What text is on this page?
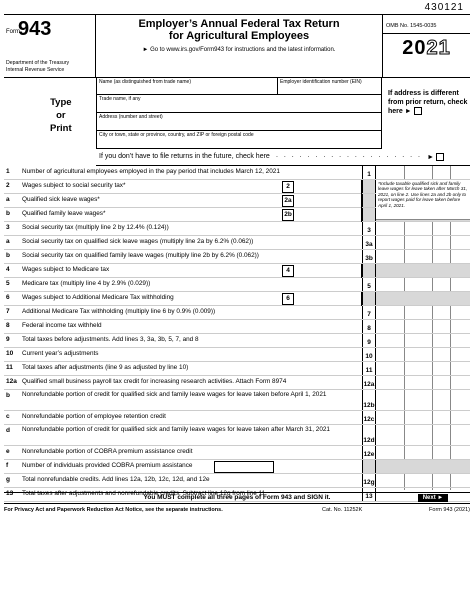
430121
Form
943
Department of the Treasury
Internal Revenue Service
Employer’s Annual Federal Tax Return
for Agricultural Employees
► Go to www.irs.gov/Form943 for instructions and the latest information.
OMB No. 1545-0035
2021
Type
or
Print
Name (as distinguished from trade name)	Employer identification number (EIN)
Trade name, if any
Address (number and street)
City or town, state or province, country, and ZIP or foreign postal code
If address is different from prior return, check here ►
If you don’t have to file returns in the future, check here . . . . . . . . . . . . . . . . . . . ►
1 Number of agricultural employees employed in the pay period that includes March 12, 2021	1
2 Wages subject to social security tax*	2
a Qualified sick leave wages*	2a
b Qualified family leave wages*	2b
3 Social security tax (multiply line 2 by 12.4% (0.124))	3
a Social security tax on qualified sick leave wages (multiply line 2a by 6.2% (0.062))	3a
b Social security tax on qualified family leave wages (multiply line 2b by 6.2% (0.062))	3b
4 Wages subject to Medicare tax	4
5 Medicare tax (multiply line 4 by 2.9% (0.029))	5
6 Wages subject to Additional Medicare Tax withholding	6
7 Additional Medicare Tax withholding (multiply line 6 by 0.9% (0.009))	7
8 Federal income tax withheld	8
9 Total taxes before adjustments. Add lines 3, 3a, 3b, 5, 7, and 8	9
10 Current year’s adjustments	10
11 Total taxes after adjustments (line 9 as adjusted by line 10)	11
12a Qualified small business payroll tax credit for increasing research activities. Attach Form 8974	12a
b Nonrefundable portion of credit for qualified sick and family leave wages for leave taken before April 1, 2021
12b
c Nonrefundable portion of employee retention credit	12c
d Nonrefundable portion of credit for qualified sick and family leave wages for leave taken after March 31, 2021
12d
e Nonrefundable portion of COBRA premium assistance credit	12e
f Number of individuals provided COBRA premium assistance
g Total nonrefundable credits. Add lines 12a, 12b, 12c, 12d, and 12e	12g
13 Total taxes after adjustments and nonrefundable credits. Subtract line 12g from line 11	13
*Include taxable qualified sick and family leave wages for leave taken after March 31, 2021, on line 2. Use lines 2a and 2b only to report wages paid for leave taken before April 1, 2021.
You MUST complete all three pages of Form 943 and SIGN it.	Next ►
For Privacy Act and Paperwork Reduction Act Notice, see the separate instructions.	Cat. No. 11252K	Form 943 (2021)
